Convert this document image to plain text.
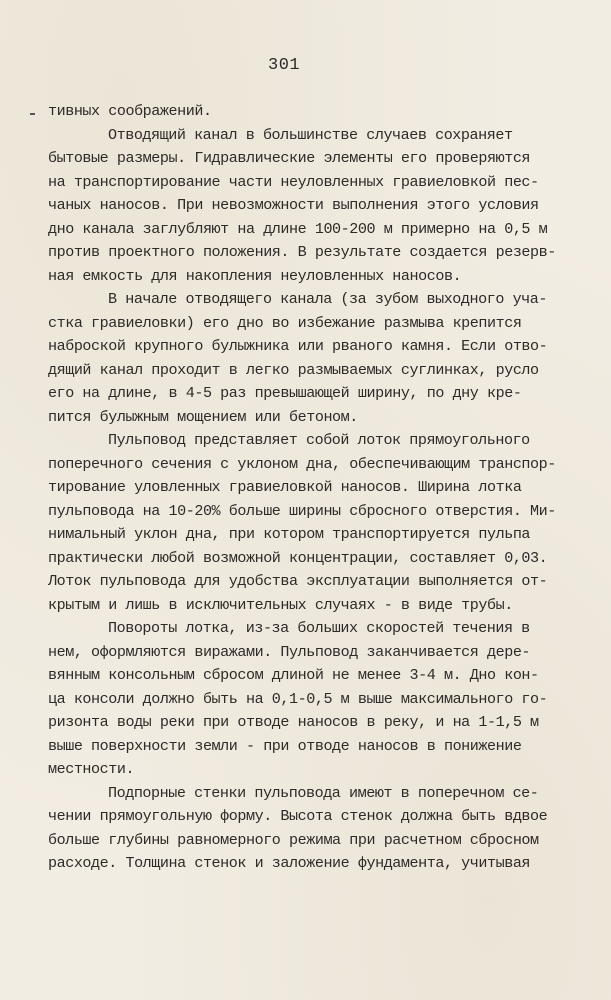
301
тивных соображений.
Отводящий канал в большинстве случаев сохраняет
бытовые размеры. Гидравлические элементы его проверяются
на транспортирование части неуловленных гравиеловкой пес-
чаных наносов. При невозможности выполнения этого условия
дно канала заглубляют на длине 100-200 м примерно на 0,5 м
против проектного положения. В результате создается резерв-
ная емкость для накопления неуловленных наносов.
В начале отводящего канала (за зубом выходного уча-
стка гравиеловки) его дно во избежание размыва крепится
наброской крупного булыжника или рваного камня. Если отво-
дящий канал проходит в легко размываемых суглинках, русло
его на длине, в 4-5 раз превышающей ширину, по дну кре-
пится булыжным мощением или бетоном.
Пульповод представляет собой лоток прямоугольного
поперечного сечения с уклоном дна, обеспечивающим транспор-
тирование уловленных гравиеловкой наносов. Ширина лотка
пульповода на 10-20% больше ширины сбросного отверстия. Ми-
нимальный уклон дна, при котором транспортируется пульпа
практически любой возможной концентрации, составляет 0,03.
Лоток пульповода для удобства эксплуатации выполняется от-
крытым и лишь в исключительных случаях - в виде трубы.
Повороты лотка, из-за больших скоростей течения в
нем, оформляются виражами. Пульповод заканчивается дере-
вянным консольным сбросом длиной не менее 3-4 м. Дно кон-
ца консоли должно быть на 0,1-0,5 м выше максимального го-
ризонта воды реки при отводе наносов в реку, и на 1-1,5 м
выше поверхности земли - при отводе наносов в понижение
местности.
Подпорные стенки пульповода имеют в поперечном се-
чении прямоугольную форму. Высота стенок должна быть вдвое
больше глубины равномерного режима при расчетном сбросном
расходе. Толщина стенок и заложение фундамента, учитывая
